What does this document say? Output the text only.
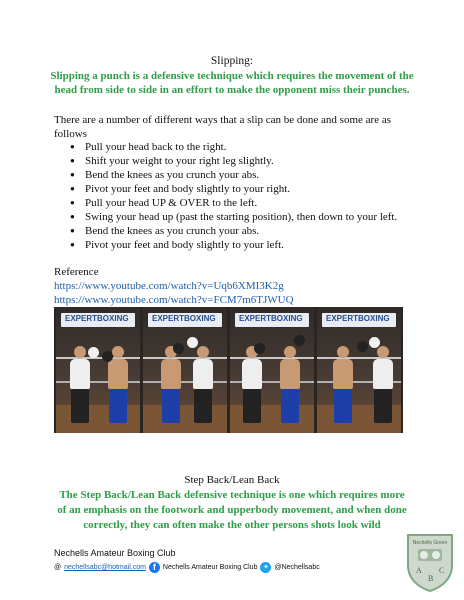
Slipping:
Slipping a punch is a defensive technique which requires the movement of the head from side to side in an effort to make the opponent miss their punches.
There are a number of different ways that a slip can be done and some are as follows
● Pull your head back to the right.
● Shift your weight to your right leg slightly.
● Bend the knees as you crunch your abs.
● Pivot your feet and body slightly to your right.
● Pull your head UP & OVER to the left.
● Swing your head up (past the starting position), then down to your left.
● Bend the knees as you crunch your abs.
● Pivot your feet and body slightly to your left.
Reference
https://www.youtube.com/watch?v=Uqb6XMI3K2g
https://www.youtube.com/watch?v=FCM7m6TJWUQ
EXPERTBOXING	EXPERTBOXING	EXPERTBOXING	EXPERTBOXING
Step Back/Lean Back
The Step Back/Lean Back defensive technique is one which requires more of an emphasis on the footwork and upperbody movement, and when done correctly, they can often make the other persons shots look wild
Nechells Amateur Boxing Club
@ nechellsabc@hotmail.com f	Nechells Amateur Boxing Club ✦ @Nechellsabc
Nechells Green
A
B
C
